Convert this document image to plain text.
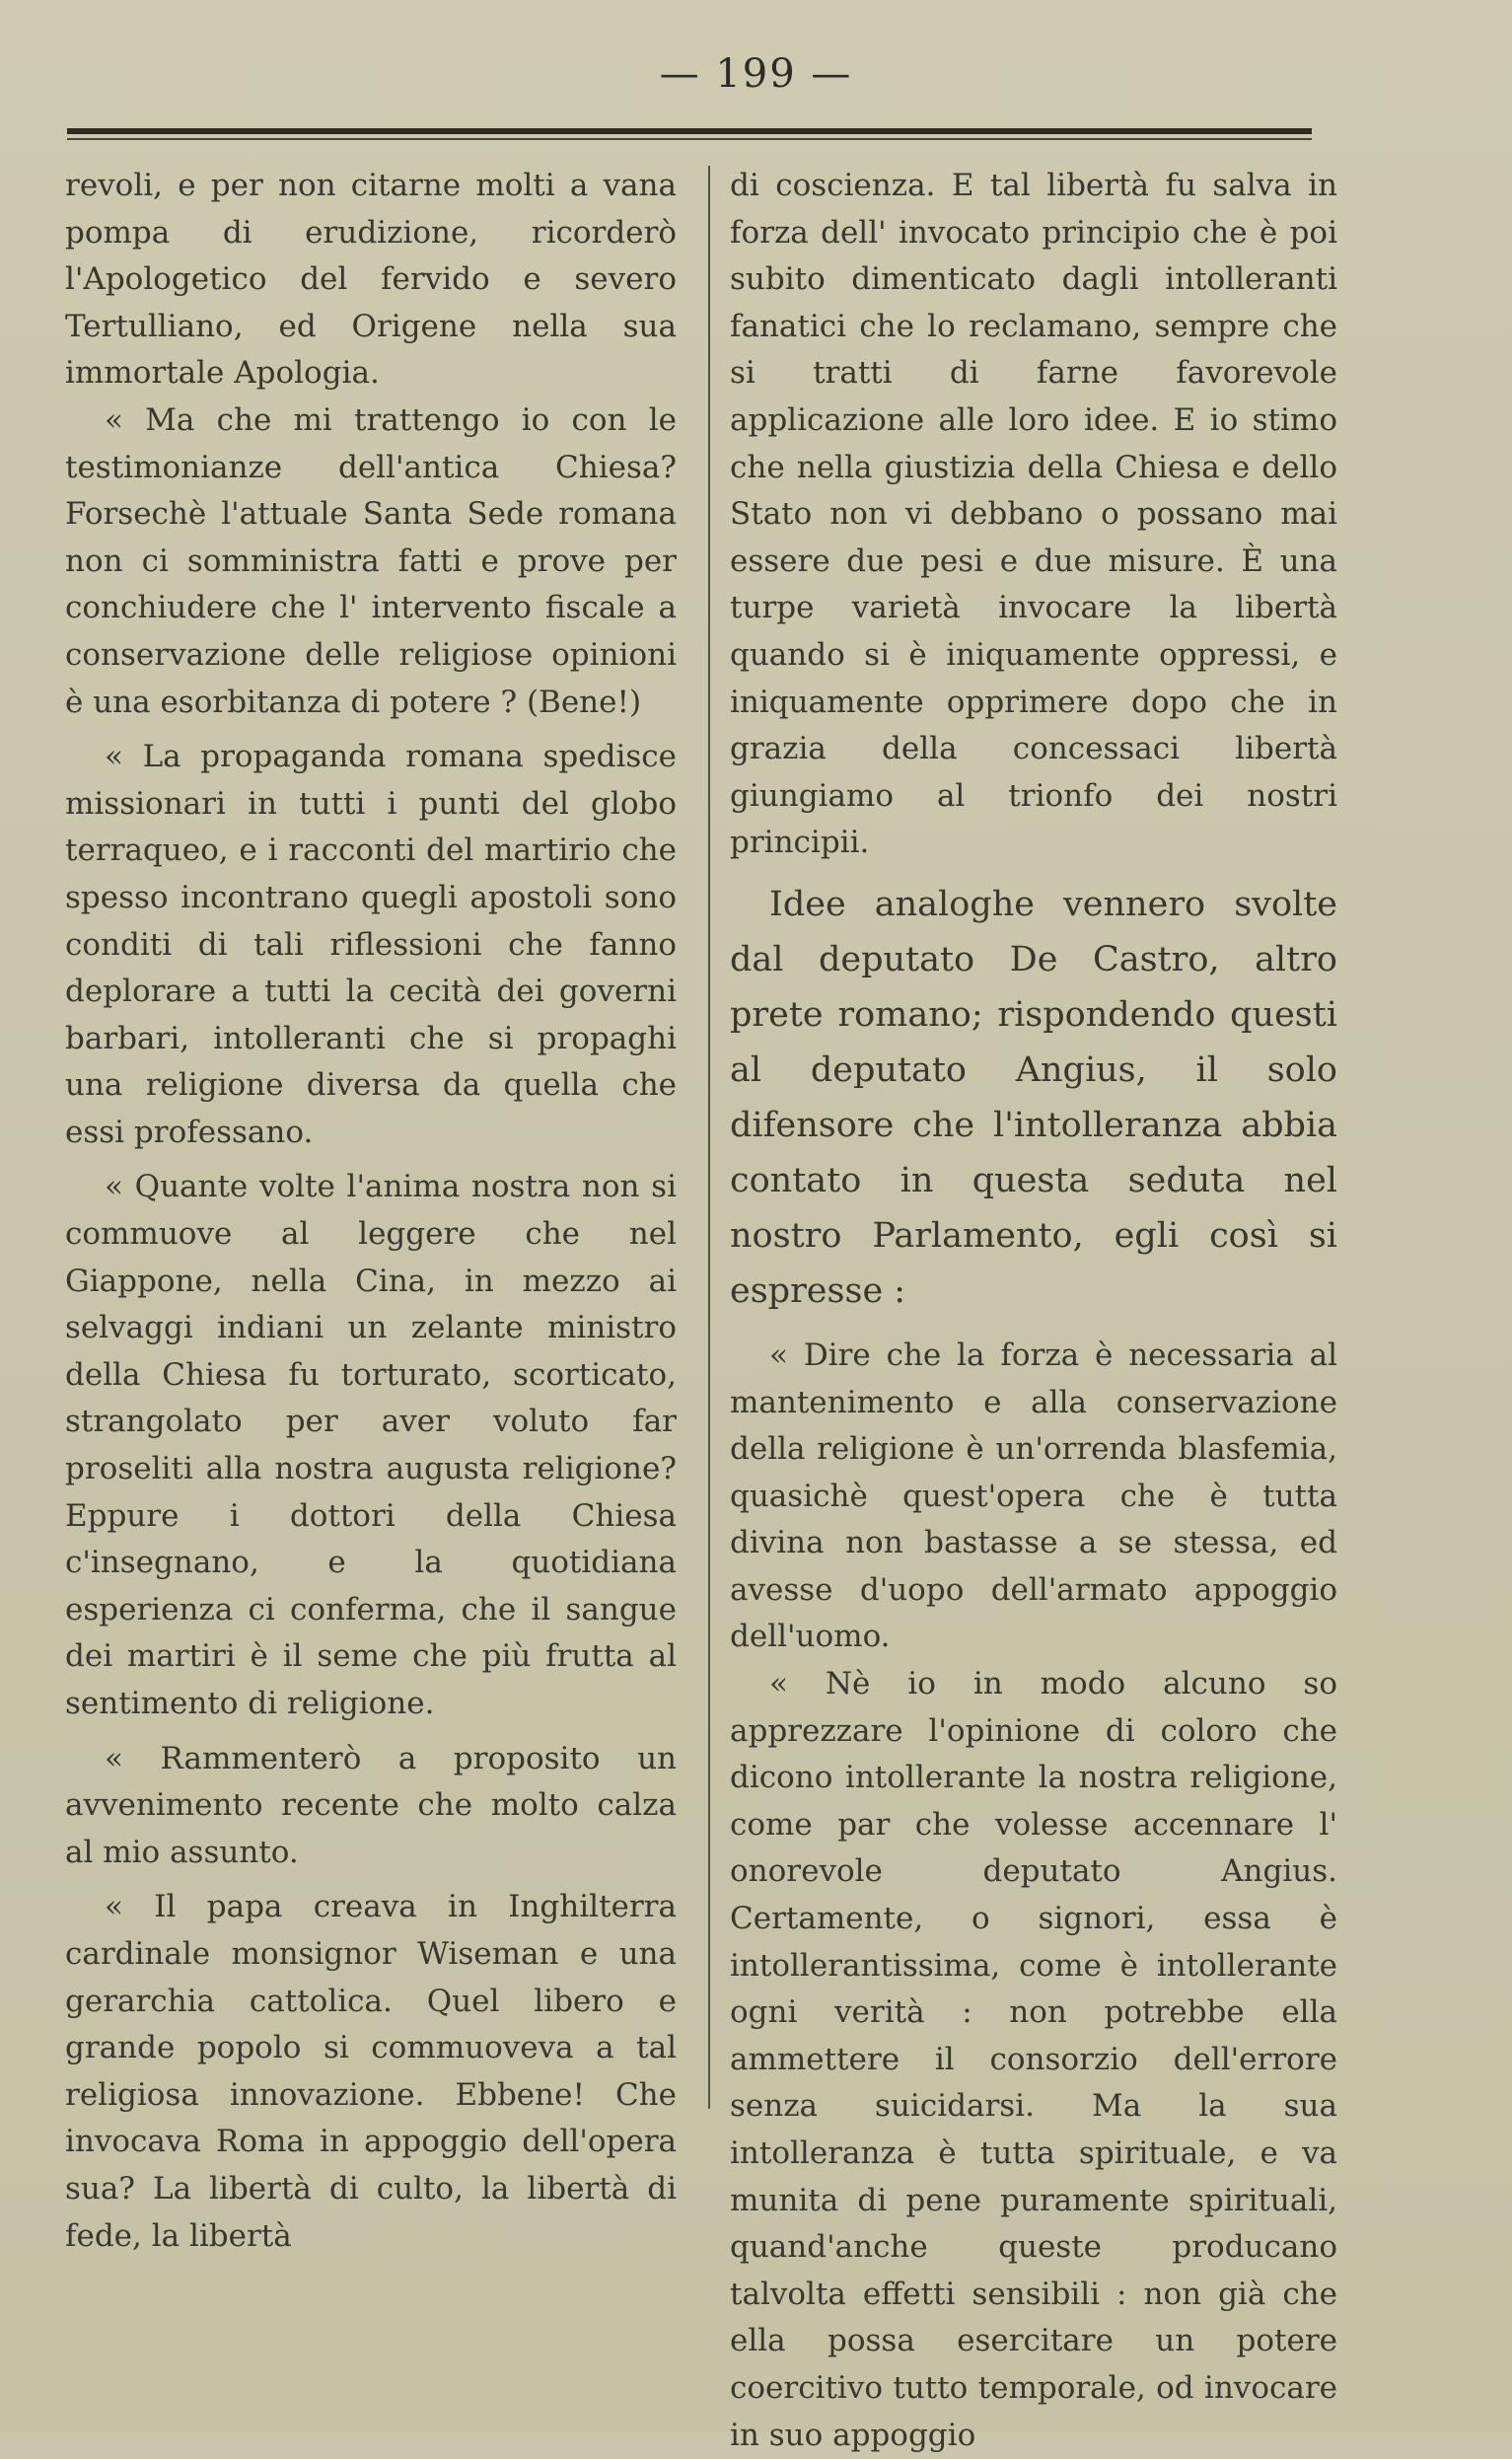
— 199 —

revoli, e per non citarne molti a vana pompa di erudizione, ricorderò l'Apologetico del fervido e severo Tertulliano, ed Origene nella sua immortale Apologia.

« Ma che mi trattengo io con le testimonianze dell'antica Chiesa? Forsechè l'attuale Santa Sede romana non ci somministra fatti e prove per conchiudere che l' intervento fiscale a conservazione delle religiose opinioni è una esorbitanza di potere ? (Bene!)

« La propaganda romana spedisce missionari in tutti i punti del globo terraqueo, e i racconti del martirio che spesso incontrano quegli apostoli sono conditi di tali riflessioni che fanno deplorare a tutti la cecità dei governi barbari, intolleranti che si propaghi una religione diversa da quella che essi professano.

« Quante volte l'anima nostra non si commuove al leggere che nel Giappone, nella Cina, in mezzo ai selvaggi indiani un zelante ministro della Chiesa fu torturato, scorticato, strangolato per aver voluto far proseliti alla nostra augusta religione? Eppure i dottori della Chiesa c'insegnano, e la quotidiana esperienza ci conferma, che il sangue dei martiri è il seme che più frutta al sentimento di religione.

« Rammenterò a proposito un avvenimento recente che molto calza al mio assunto.

« Il papa creava in Inghilterra cardinale monsignor Wiseman e una gerarchia cattolica. Quel libero e grande popolo si commuoveva a tal religiosa innovazione. Ebbene! Che invocava Roma in appoggio dell'opera sua? La libertà di culto, la libertà di fede, la libertà

di coscienza. E tal libertà fu salva in forza dell' invocato principio che è poi subito dimenticato dagli intolleranti fanatici che lo reclamano, sempre che si tratti di farne favorevole applicazione alle loro idee. E io stimo che nella giustizia della Chiesa e dello Stato non vi debbano o possano mai essere due pesi e due misure. È una turpe varietà invocare la libertà quando si è iniquamente oppressi, e iniquamente opprimere dopo che in grazia della concessaci libertà giungiamo al trionfo dei nostri principii.

Idee analoghe vennero svolte dal deputato De Castro, altro prete romano; rispondendo questi al deputato Angius, il solo difensore che l'intolleranza abbia contato in questa seduta nel nostro Parlamento, egli così si espresse :

« Dire che la forza è necessaria al mantenimento e alla conservazione della religione è un'orrenda blasfemia, quasichè quest'opera che è tutta divina non bastasse a se stessa, ed avesse d'uopo dell'armato appoggio dell'uomo.

« Nè io in modo alcuno so apprezzare l'opinione di coloro che dicono intollerante la nostra religione, come par che volesse accennare l' onorevole deputato Angius. Certamente, o signori, essa è intollerantissima, come è intollerante ogni verità : non potrebbe ella ammettere il consorzio dell'errore senza suicidarsi. Ma la sua intolleranza è tutta spirituale, e va munita di pene puramente spirituali, quand'anche queste producano talvolta effetti sensibili : non già che ella possa esercitare un potere coercitivo tutto temporale, od invocare in suo appoggio
